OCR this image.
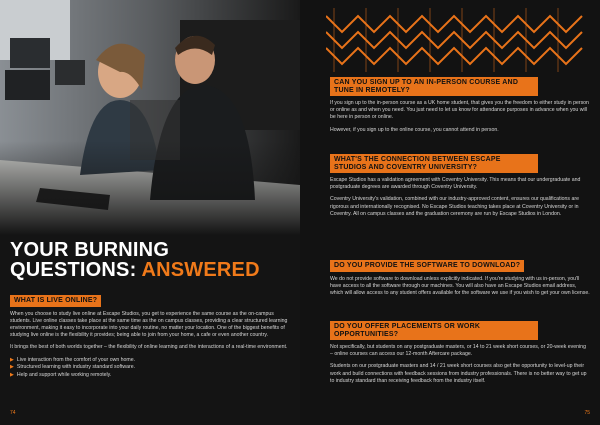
YOUR BURNING
QUESTIONS: ANSWERED
WHAT IS LIVE ONLINE?

When you choose to study live online at Escape Studios, you get to experience the same course as the on-campus students. Live online classes take place at the same time as the on campus classes, providing a clear structured learning environment, making it easy to incorporate into your daily routine, no matter your location. One of the biggest benefits of studying live online is the flexibility it provides; being able to join from your home, a cafe or even another country.

It brings the best of both worlds together – the flexibility of online learning and the interactions of a real-time environment.

▶ Live interaction from the comfort of your own home.
▶ Structured learning with industry standard software.
▶ Help and support while working remotely.
74
CAN YOU SIGN UP TO AN IN-PERSON COURSE AND TUNE IN REMOTELY?

If you sign up to the in-person course as a UK home student, that gives you the freedom to either study in person or online as and when you need. You just need to let us know for attendance purposes in advance when you will be here in person or online.

However, if you sign up to the online course, you cannot attend in person.

WHAT'S THE CONNECTION BETWEEN ESCAPE STUDIOS AND COVENTRY UNIVERSITY?

Escape Studios has a validation agreement with Coventry University. This means that our undergraduate and postgraduate degrees are awarded through Coventry University.

Coventry University's validation, combined with our industry-approved content, ensures our qualifications are rigorous and internationally recognised. No Escape Studios teaching takes place at Coventry University or in Coventry. All on campus classes and the graduation ceremony are run by Escape Studios in London.

DO YOU PROVIDE THE SOFTWARE TO DOWNLOAD?

We do not provide software to download unless explicitly indicated. If you're studying with us in-person, you'll have access to all the software through our machines. You will also have an Escape Studios email address, which will allow access to any student offers available for the software we use if you wish to get your own license.

DO YOU OFFER PLACEMENTS OR WORK OPPORTUNITIES?

Not specifically, but students on any postgraduate masters, or 14 to 21 week short courses, or 20-week evening – online courses can access our 12-month Aftercare package.

Students on our postgraduate masters and 14 / 21 week short courses also get the opportunity to level-up their work and build connections with feedback sessions from industry professionals. There is no better way to get up to industry standard than receiving feedback from the industry itself.

75
